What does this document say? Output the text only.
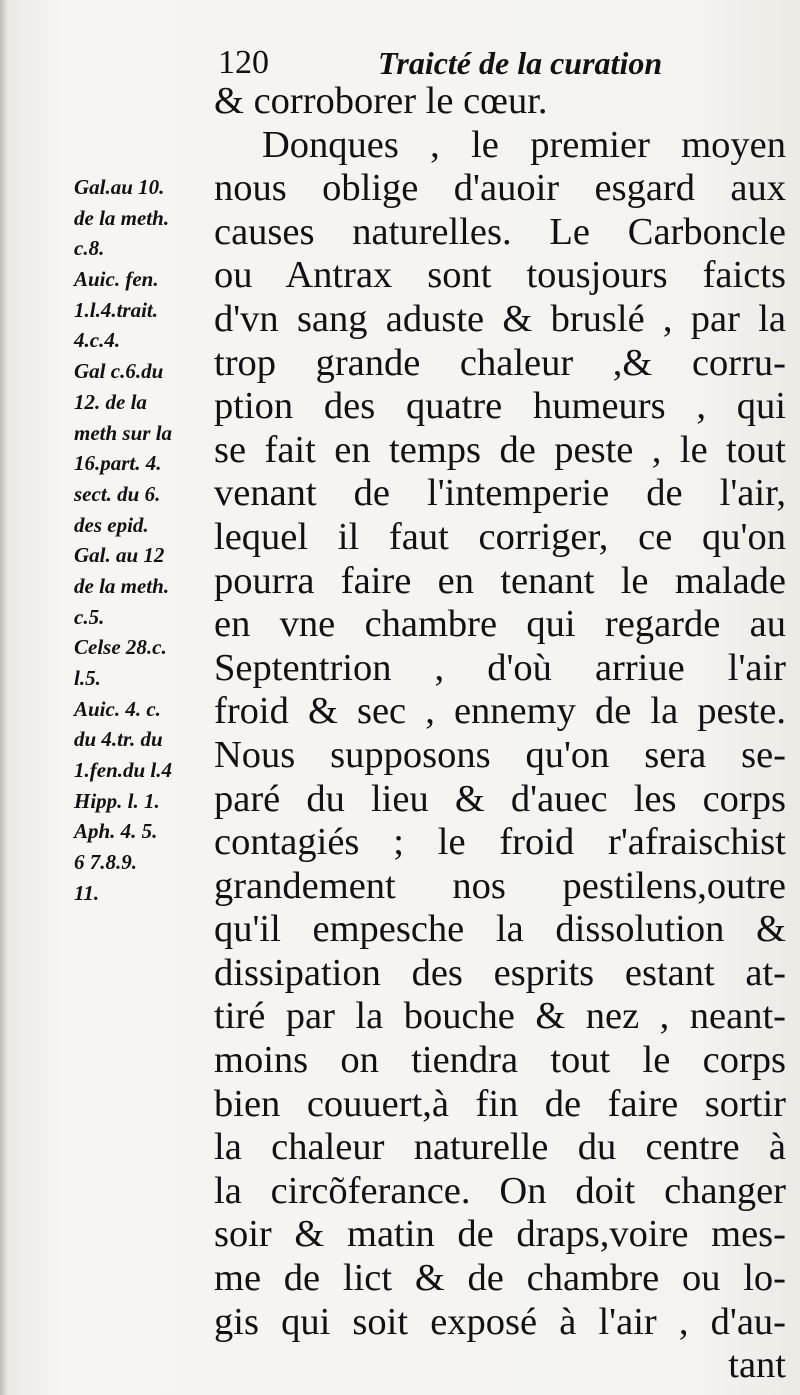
120	Traicté de la curation
& corroborer le cœur.
Donques , le premier moyen
nous oblige d'auoir esgard aux
causes naturelles. Le Carboncle
ou Antrax sont tousjours faicts
d'vn sang aduste & bruslé , par la
trop grande chaleur ,& corru-
ption des quatre humeurs , qui
se fait en temps de peste , le tout
venant de l'intemperie de l'air,
lequel il faut corriger, ce qu'on
pourra faire en tenant le malade
en vne chambre qui regarde au
Septentrion , d'où arriue l'air
froid & sec , ennemy de la peste.
Nous supposons qu'on sera se-
paré du lieu & d'auec les corps
contagiés ; le froid r'afraischist
grandement nos pestilens,outre
qu'il empesche la dissolution &
dissipation des esprits estant at-
tiré par la bouche & nez , neant-
moins on tiendra tout le corps
bien couuert,à fin de faire sortir
la chaleur naturelle du centre à
la circõferance. On doit changer
soir & matin de draps,voire mes-
me de lict & de chambre ou lo-
gis qui soit exposé à l'air , d'au-
tant
Gal.au 10.
de la meth.
c.8.
Auic. fen.
1.l.4.trait.
4.c.4.
Gal c.6.du
12. de la
meth sur la
16.part. 4.
sect. du 6.
des epid.
Gal. au 12
de la meth.
c.5.
Celse 28.c.
l.5.
Auic. 4. c.
du 4.tr. du
1.fen.du l.4
Hipp. l. 1.
Aph. 4. 5.
6 7.8.9.
11.
